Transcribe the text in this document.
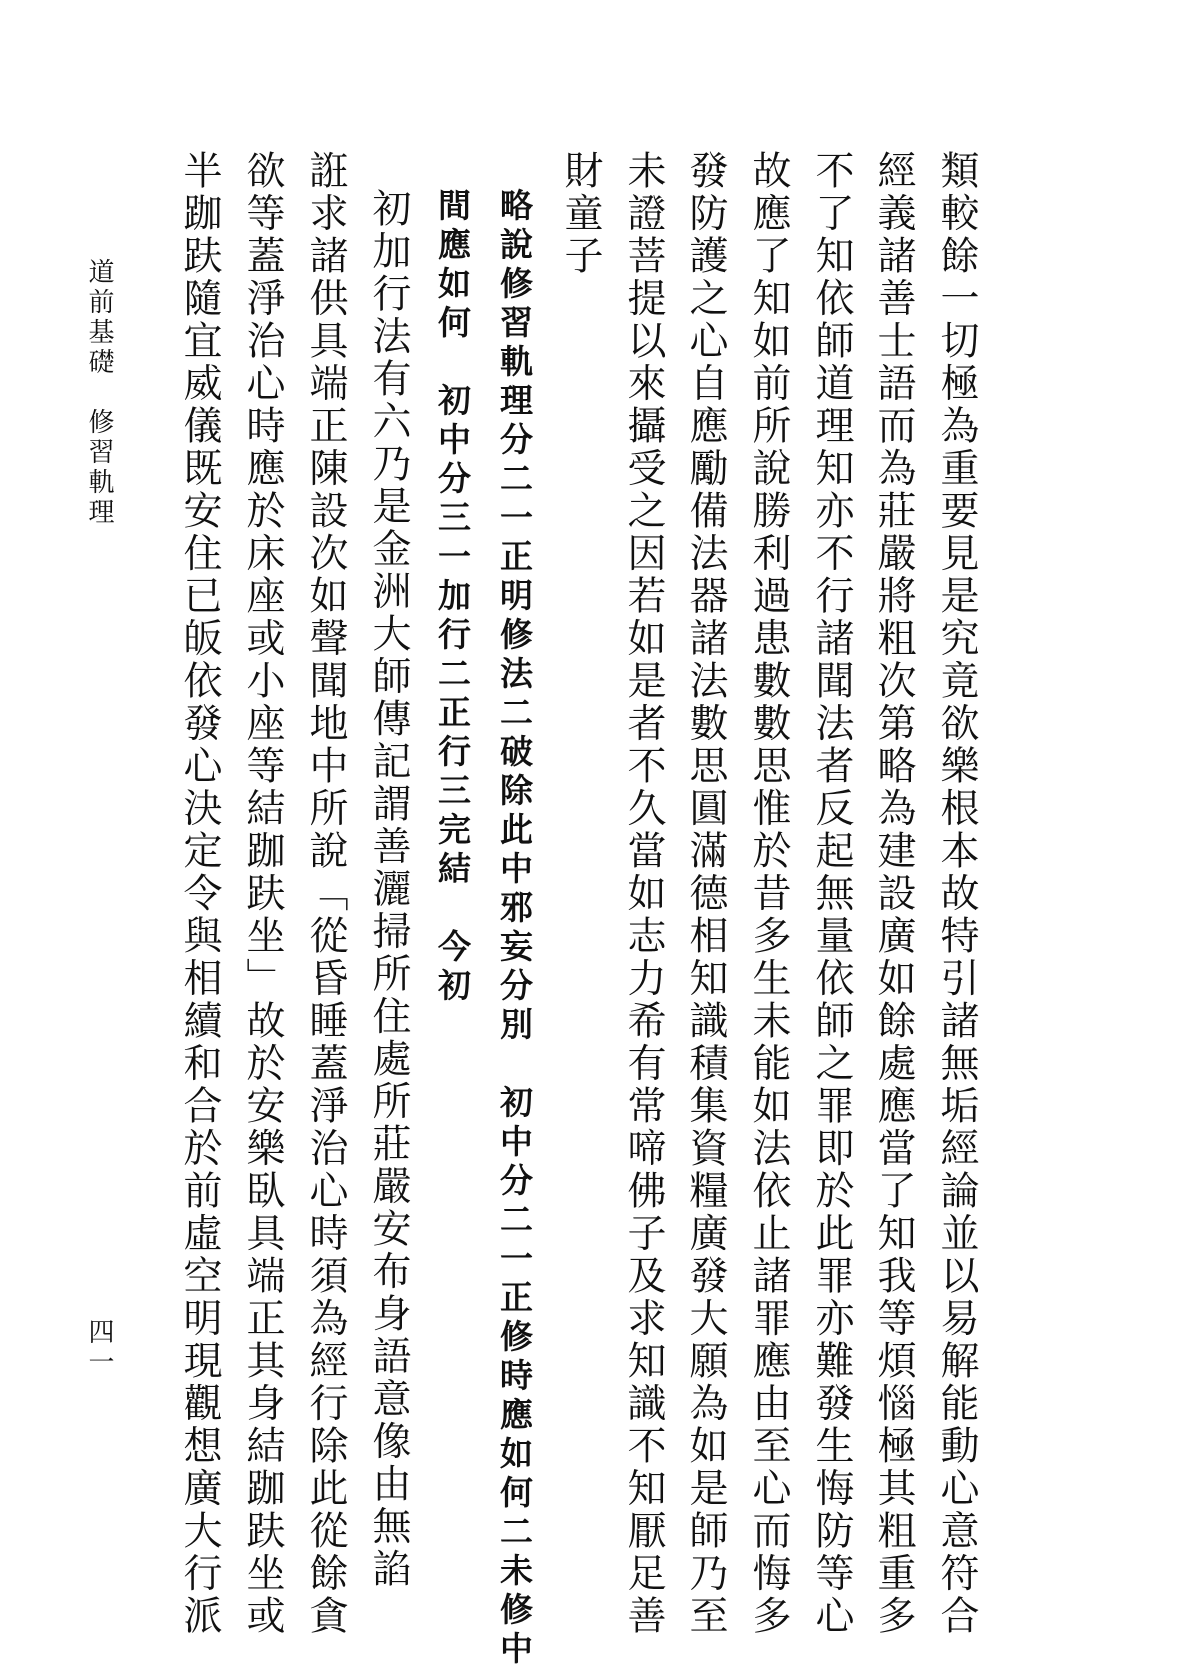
道前基礎　修習軌理
四一	類較餘一切極為重要見是究竟欲樂根本故特引諸無垢經論並以易解能動心意符合
經義諸善士語而為莊嚴將粗次第略為建設廣如餘處應當了知我等煩惱極其粗重多
不了知依師道理知亦不行諸聞法者反起無量依師之罪即於此罪亦難發生悔防等心
故應了知如前所說勝利過患數數思惟於昔多生未能如法依止諸罪應由至心而悔多
發防護之心自應勵備法器諸法數思圓滿德相知識積集資糧廣發大願為如是師乃至
未證菩提以來攝受之因若如是者不久當如志力希有常啼佛子及求知識不知厭足善
財童子
略說修習軌理分二一正明修法二破除此中邪妄分別　初中分二一正修時應如何二未修中
間應如何　初中分三一加行二正行三完結　今初
初加行法有六乃是金洲大師傳記謂善灑掃所住處所莊嚴安布身語意像由無諂
誑求諸供具端正陳設次如聲聞地中所說「從昏睡蓋淨治心時須為經行除此從餘貪
欲等蓋淨治心時應於床座或小座等結跏趺坐」故於安樂臥具端正其身結跏趺坐或
半跏趺隨宜威儀既安住已皈依發心決定令與相續和合於前虛空明現觀想廣大行派
